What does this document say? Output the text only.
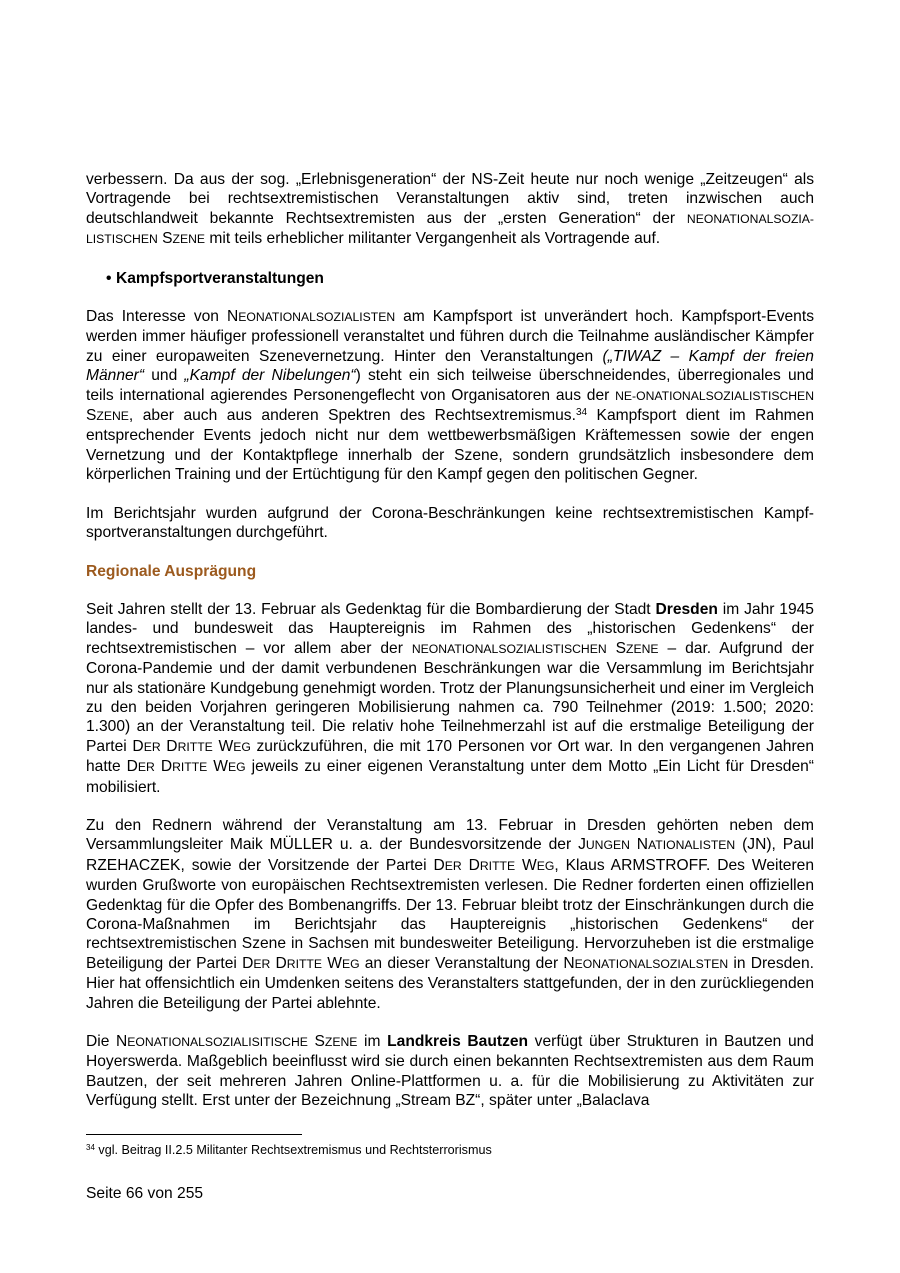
verbessern. Da aus der sog. „Erlebnisgeneration“ der NS-Zeit heute nur noch wenige „Zeitzeugen“ als Vortragende bei rechtsextremistischen Veranstaltungen aktiv sind, treten inzwischen auch deutschlandweit bekannte Rechtsextremisten aus der „ersten Generation“ der NEONATIONALSOZIA-LISTISCHEN SZENE mit teils erheblicher militanter Vergangenheit als Vortragende auf.

• Kampfsportveranstaltungen

Das Interesse von NEONATIONALSOZIALISTEN am Kampfsport ist unverändert hoch. Kampfsport-Events werden immer häufiger professionell veranstaltet und führen durch die Teilnahme ausländischer Kämpfer zu einer europaweiten Szenevernetzung. Hinter den Veranstaltungen („TIWAZ – Kampf der freien Männer“ und „Kampf der Nibelungen“) steht ein sich teilweise überschneidendes, überregionales und teils international agierendes Personengeflecht von Organisatoren aus der NE-ONATIONALSOZIALISTISCHEN SZENE, aber auch aus anderen Spektren des Rechtsextremismus.$^{34}$ Kampfsport dient im Rahmen entsprechender Events jedoch nicht nur dem wettbewerbsmäßigen Kräftemessen sowie der engen Vernetzung und der Kontaktpflege innerhalb der Szene, sondern grundsätzlich insbesondere dem körperlichen Training und der Ertüchtigung für den Kampf gegen den politischen Gegner.

Im Berichtsjahr wurden aufgrund der Corona-Beschränkungen keine rechtsextremistischen Kampf-sportveranstaltungen durchgeführt.

Regionale Ausprägung

Seit Jahren stellt der 13. Februar als Gedenktag für die Bombardierung der Stadt Dresden im Jahr 1945 landes- und bundesweit das Hauptereignis im Rahmen des „historischen Gedenkens“ der rechtsextremistischen – vor allem aber der NEONATIONALSOZIALISTISCHEN SZENE – dar. Aufgrund der Corona-Pandemie und der damit verbundenen Beschränkungen war die Versammlung im Berichtsjahr nur als stationäre Kundgebung genehmigt worden. Trotz der Planungsunsicherheit und einer im Vergleich zu den beiden Vorjahren geringeren Mobilisierung nahmen ca. 790 Teilnehmer (2019: 1.500; 2020: 1.300) an der Veranstaltung teil. Die relativ hohe Teilnehmerzahl ist auf die erstmalige Beteiligung der Partei DER DRITTE WEG zurückzuführen, die mit 170 Personen vor Ort war. In den vergangenen Jahren hatte DER DRITTE WEG jeweils zu einer eigenen Veranstaltung unter dem Motto „Ein Licht für Dresden“ mobilisiert.

Zu den Rednern während der Veranstaltung am 13. Februar in Dresden gehörten neben dem Versammlungsleiter Maik MÜLLER u. a. der Bundesvorsitzende der JUNGEN NATIONALISTEN (JN), Paul RZEHACZEK, sowie der Vorsitzende der Partei DER DRITTE WEG, Klaus ARMSTROFF. Des Weiteren wurden Grußworte von europäischen Rechtsextremisten verlesen. Die Redner forderten einen offiziellen Gedenktag für die Opfer des Bombenangriffs. Der 13. Februar bleibt trotz der Einschränkungen durch die Corona-Maßnahmen im Berichtsjahr das Hauptereignis „historischen Gedenkens“ der rechtsextremistischen Szene in Sachsen mit bundesweiter Beteiligung. Hervorzuheben ist die erstmalige Beteiligung der Partei DER DRITTE WEG an dieser Veranstaltung der NEONATIONALSOZIALSTEN in Dresden. Hier hat offensichtlich ein Umdenken seitens des Veranstalters stattgefunden, der in den zurückliegenden Jahren die Beteiligung der Partei ablehnte.

Die NEONATIONALSOZIALISITISCHE SZENE im Landkreis Bautzen verfügt über Strukturen in Bautzen und Hoyerswerda. Maßgeblich beeinflusst wird sie durch einen bekannten Rechtsextremisten aus dem Raum Bautzen, der seit mehreren Jahren Online-Plattformen u. a. für die Mobilisierung zu Aktivitäten zur Verfügung stellt. Erst unter der Bezeichnung „Stream BZ“, später unter „Balaclava

$^{34}$ vgl. Beitrag II.2.5 Militanter Rechtsextremismus und Rechtsterrorismus
Seite 66 von 255
